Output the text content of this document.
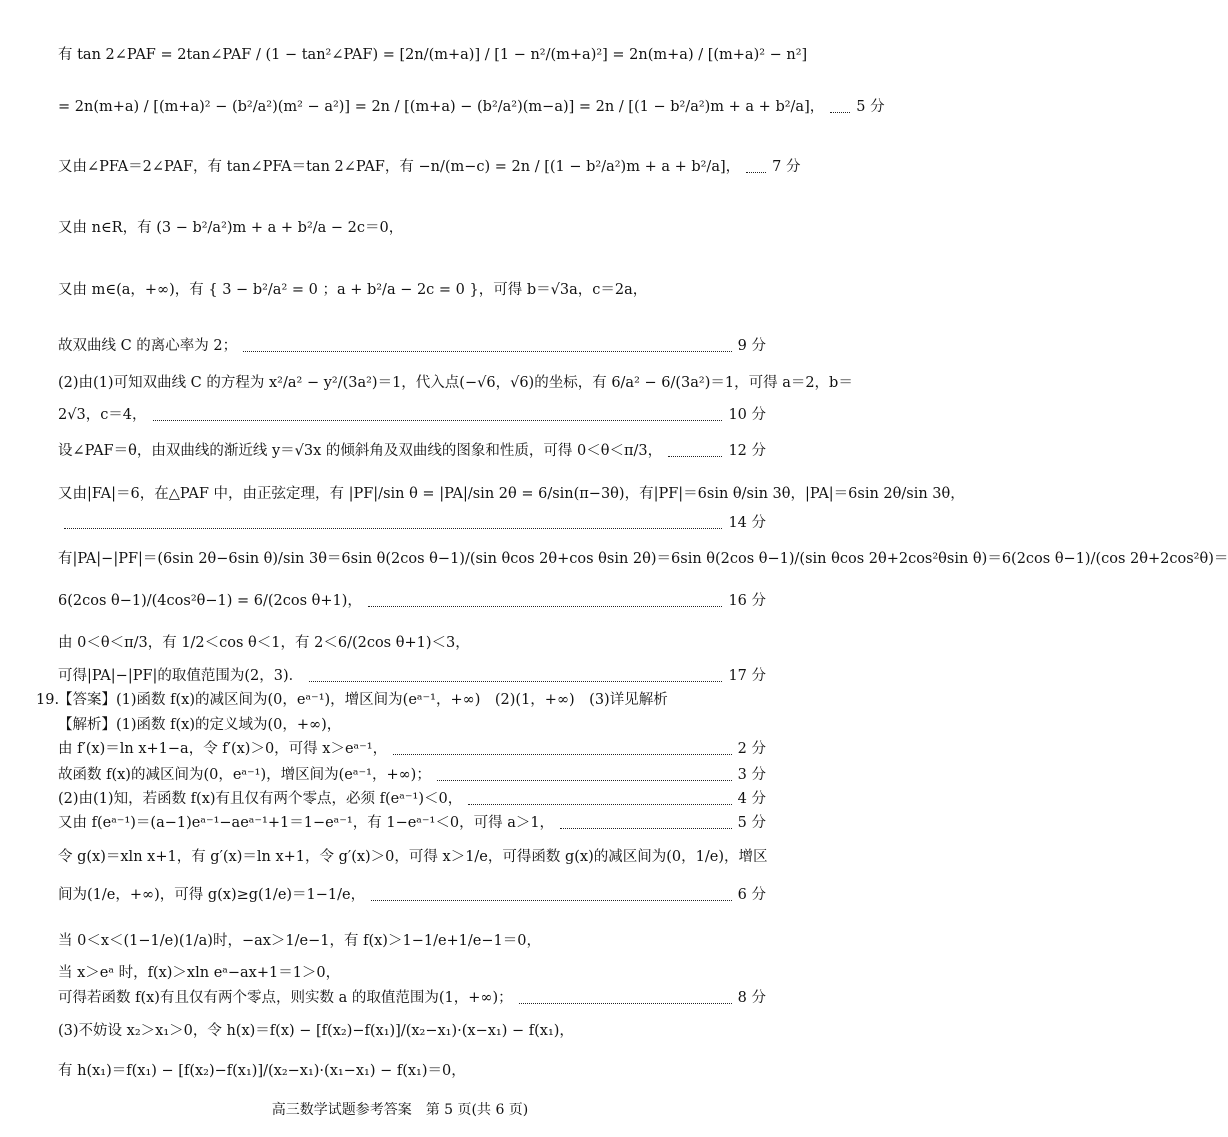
有 tan 2∠PAF = 2tan∠PAF / (1 − tan²∠PAF) = [2n/(m+a)] / [1 − n²/(m+a)²] = 2n(m+a) / [(m+a)² − n²]
= 2n(m+a) / [(m+a)² − (b²/a²)(m² − a²)] = 2n / [(m+a) − (b²/a²)(m−a)] = 2n / [(1 − b²/a²)m + a + b²/a]， 5 分
又由∠PFA＝2∠PAF，有 tan∠PFA＝tan 2∠PAF，有 −n/(m−c) = 2n / [(1 − b²/a²)m + a + b²/a]， 7 分
又由 n∈R，有 (3 − b²/a²)m + a + b²/a − 2c＝0，
又由 m∈(a，+∞)，有 { 3 − b²/a² = 0 ；a + b²/a − 2c = 0 }，可得 b＝√3a，c＝2a，
故双曲线 C 的离心率为 2；	9 分
(2)由(1)可知双曲线 C 的方程为 x²/a² − y²/(3a²)＝1，代入点(−√6，√6)的坐标，有 6/a² − 6/(3a²)＝1，可得 a＝2，b＝
2√3，c＝4，	10 分
设∠PAF＝θ，由双曲线的渐近线 y＝√3x 的倾斜角及双曲线的图象和性质，可得 0＜θ＜π/3，	12 分
又由|FA|＝6，在△PAF 中，由正弦定理，有 |PF|/sin θ = |PA|/sin 2θ = 6/sin(π−3θ)，有|PF|＝6sin θ/sin 3θ，|PA|＝6sin 2θ/sin 3θ，
14 分
有|PA|−|PF|＝(6sin 2θ−6sin θ)/sin 3θ＝6sin θ(2cos θ−1)/(sin θcos 2θ+cos θsin 2θ)＝6sin θ(2cos θ−1)/(sin θcos 2θ+2cos²θsin θ)＝6(2cos θ−1)/(cos 2θ+2cos²θ)＝
6(2cos θ−1)/(4cos²θ−1) = 6/(2cos θ+1)，	16 分
由 0＜θ＜π/3，有 1/2＜cos θ＜1，有 2＜6/(2cos θ+1)＜3，
可得|PA|−|PF|的取值范围为(2，3)．	17 分
19.
【答案】(1)函数 f(x)的减区间为(0，eᵃ⁻¹)，增区间为(eᵃ⁻¹，+∞)　(2)(1，+∞)　(3)详见解析
【解析】(1)函数 f(x)的定义域为(0，+∞)，
由 f′(x)＝ln x+1−a，令 f′(x)＞0，可得 x＞eᵃ⁻¹，	2 分
故函数 f(x)的减区间为(0，eᵃ⁻¹)，增区间为(eᵃ⁻¹，+∞)；	3 分
(2)由(1)知，若函数 f(x)有且仅有两个零点，必须 f(eᵃ⁻¹)＜0，	4 分
又由 f(eᵃ⁻¹)＝(a−1)eᵃ⁻¹−aeᵃ⁻¹+1＝1−eᵃ⁻¹，有 1−eᵃ⁻¹＜0，可得 a＞1，	5 分
令 g(x)＝xln x+1，有 g′(x)＝ln x+1，令 g′(x)＞0，可得 x＞1/e，可得函数 g(x)的减区间为(0，1/e)，增区
间为(1/e，+∞)，可得 g(x)≥g(1/e)＝1−1/e，	6 分
当 0＜x＜(1−1/e)(1/a)时，−ax＞1/e−1，有 f(x)＞1−1/e+1/e−1＝0，
当 x＞eᵃ 时，f(x)＞xln eᵃ−ax+1＝1＞0，
可得若函数 f(x)有且仅有两个零点，则实数 a 的取值范围为(1，+∞)；	8 分
(3)不妨设 x₂＞x₁＞0，令 h(x)＝f(x) − [f(x₂)−f(x₁)]/(x₂−x₁)·(x−x₁) − f(x₁)，
有 h(x₁)＝f(x₁) − [f(x₂)−f(x₁)]/(x₂−x₁)·(x₁−x₁) − f(x₁)＝0，
高三数学试题参考答案　第 5 页(共 6 页)
